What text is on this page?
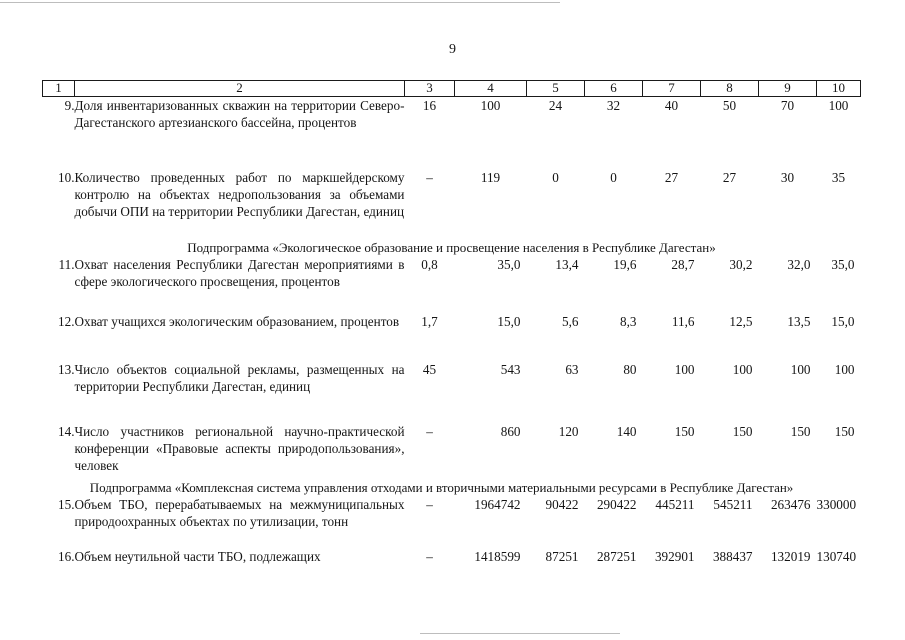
9
1	2	3	4	5	6	7	8	9	10
9.	Доля инвентаризованных скважин на территории Северо-Дагестанского артезианского бассейна, процентов	16	100	24	32	40	50	70	100
10.	Количество проведенных работ по маркшейдерскому контролю на объектах недропользования за объемами добычи ОПИ на территории Республики Дагестан, единиц	–	119	0	0	27	27	30	35
Подпрограмма «Экологическое образование и просвещение населения в Республике Дагестан»									
11.	Охват населения Республики Дагестан мероприятиями в сфере экологического просвещения, процентов	0,8	35,0	13,4	19,6	28,7	30,2	32,0	35,0
12.	Охват учащихся экологическим образованием, процентов	1,7	15,0	5,6	8,3	11,6	12,5	13,5	15,0
13.	Число объектов социальной рекламы, размещенных на территории Республики Дагестан, единиц	45	543	63	80	100	100	100	100
14.	Число участников региональной научно-практической конференции «Правовые аспекты природопользования», человек	–	860	120	140	150	150	150	150
Подпрограмма «Комплексная система управления отходами и вторичными материальными ресурсами в Республике Дагестан»									
15.	Объем ТБО, перерабатываемых на межмуниципальных природоохранных объектах по утилизации, тонн	–	1964742	90422	290422	445211	545211	263476	330000
16.	Объем неутильной части ТБО, подлежащих	–	1418599	87251	287251	392901	388437	132019	130740
